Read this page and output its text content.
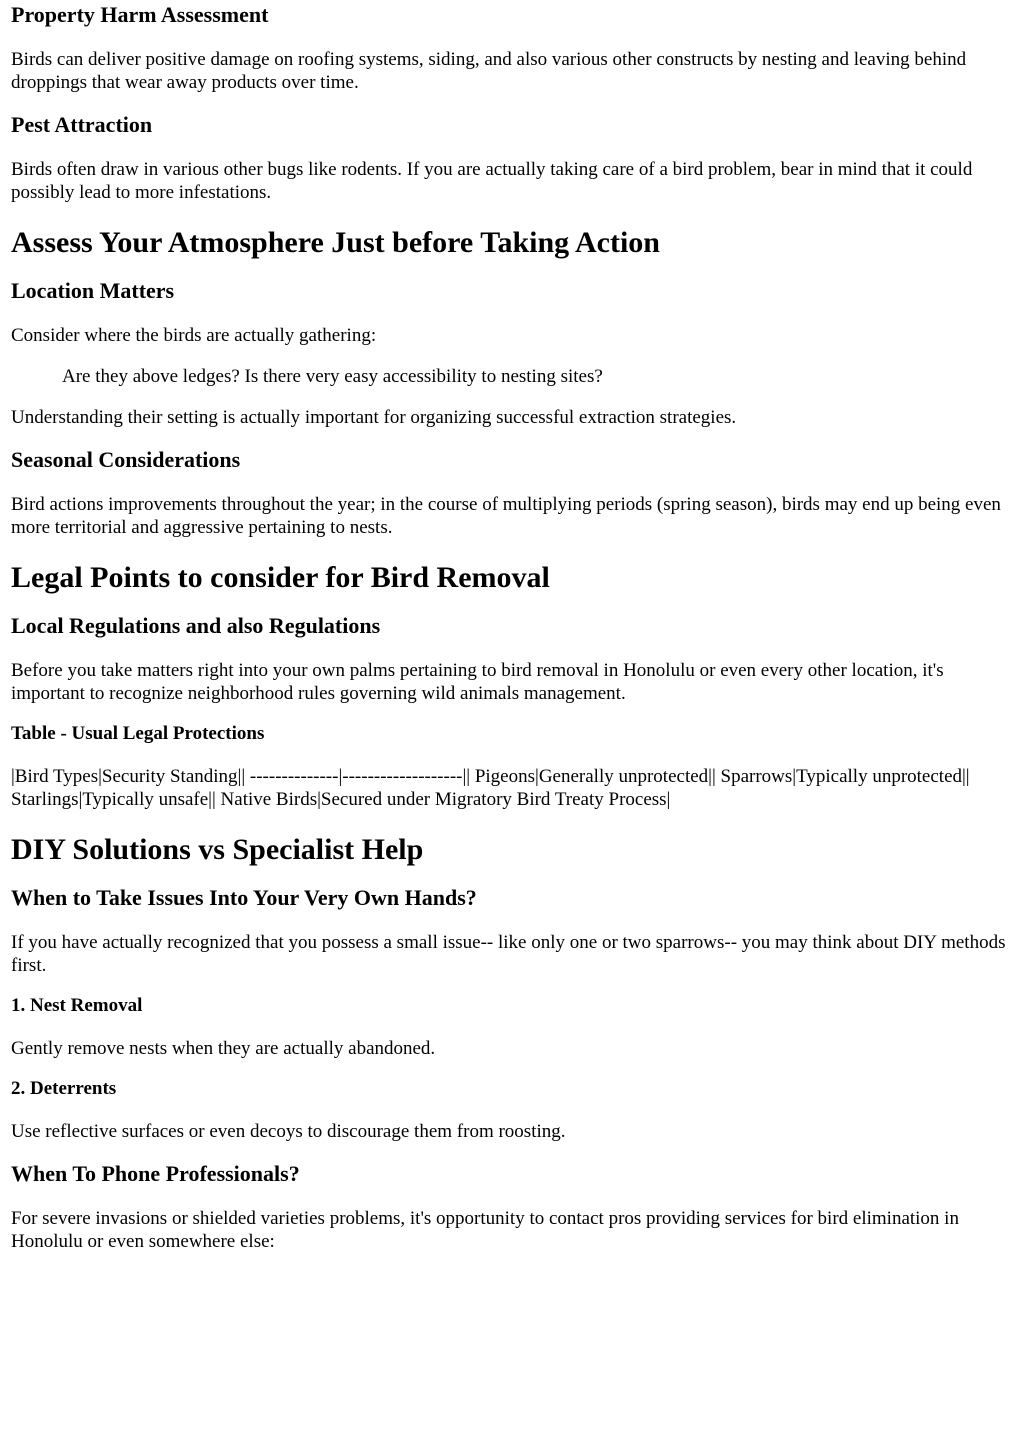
Property Harm Assessment

Birds can deliver positive damage on roofing systems, siding, and also various other constructs by nesting and leaving behind droppings that wear away products over time.

Pest Attraction

Birds often draw in various other bugs like rodents. If you are actually taking care of a bird problem, bear in mind that it could possibly lead to more infestations.

Assess Your Atmosphere Just before Taking Action
Location Matters

Consider where the birds are actually gathering:

Are they above ledges? Is there very easy accessibility to nesting sites?

Understanding their setting is actually important for organizing successful extraction strategies.

Seasonal Considerations

Bird actions improvements throughout the year; in the course of multiplying periods (spring season), birds may end up being even more territorial and aggressive pertaining to nests.

Legal Points to consider for Bird Removal
Local Regulations and also Regulations

Before you take matters right into your own palms pertaining to bird removal in Honolulu or even every other location, it's important to recognize neighborhood rules governing wild animals management.

Table - Usual Legal Protections

|Bird Types|Security Standing|| --------------|-------------------|| Pigeons|Generally unprotected|| Sparrows|Typically unprotected|| Starlings|Typically unsafe|| Native Birds|Secured under Migratory Bird Treaty Process|

DIY Solutions vs Specialist Help
When to Take Issues Into Your Very Own Hands?

If you have actually recognized that you possess a small issue-- like only one or two sparrows-- you may think about DIY methods first.

1. Nest Removal

Gently remove nests when they are actually abandoned.

2. Deterrents

Use reflective surfaces or even decoys to discourage them from roosting.

When To Phone Professionals?

For severe invasions or shielded varieties problems, it's opportunity to contact pros providing services for bird elimination in Honolulu or even somewhere else:
